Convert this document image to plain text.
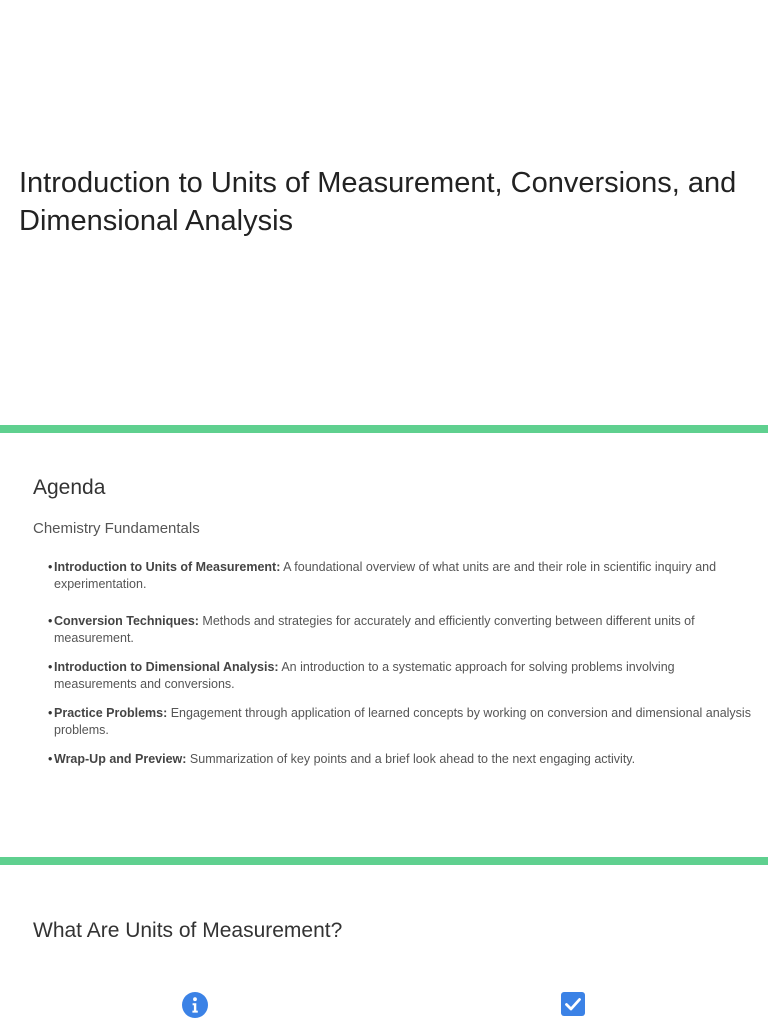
Introduction to Units of Measurement, Conversions, and Dimensional Analysis
Agenda

Chemistry Fundamentals

• Introduction to Units of Measurement: A foundational overview of what units are and their role in scientific inquiry and experimentation.
• Conversion Techniques: Methods and strategies for accurately and efficiently converting between different units of measurement.
• Introduction to Dimensional Analysis: An introduction to a systematic approach for solving problems involving measurements and conversions.
• Practice Problems: Engagement through application of learned concepts by working on conversion and dimensional analysis problems.
• Wrap-Up and Preview: Summarization of key points and a brief look ahead to the next engaging activity.
What Are Units of Measurement?
